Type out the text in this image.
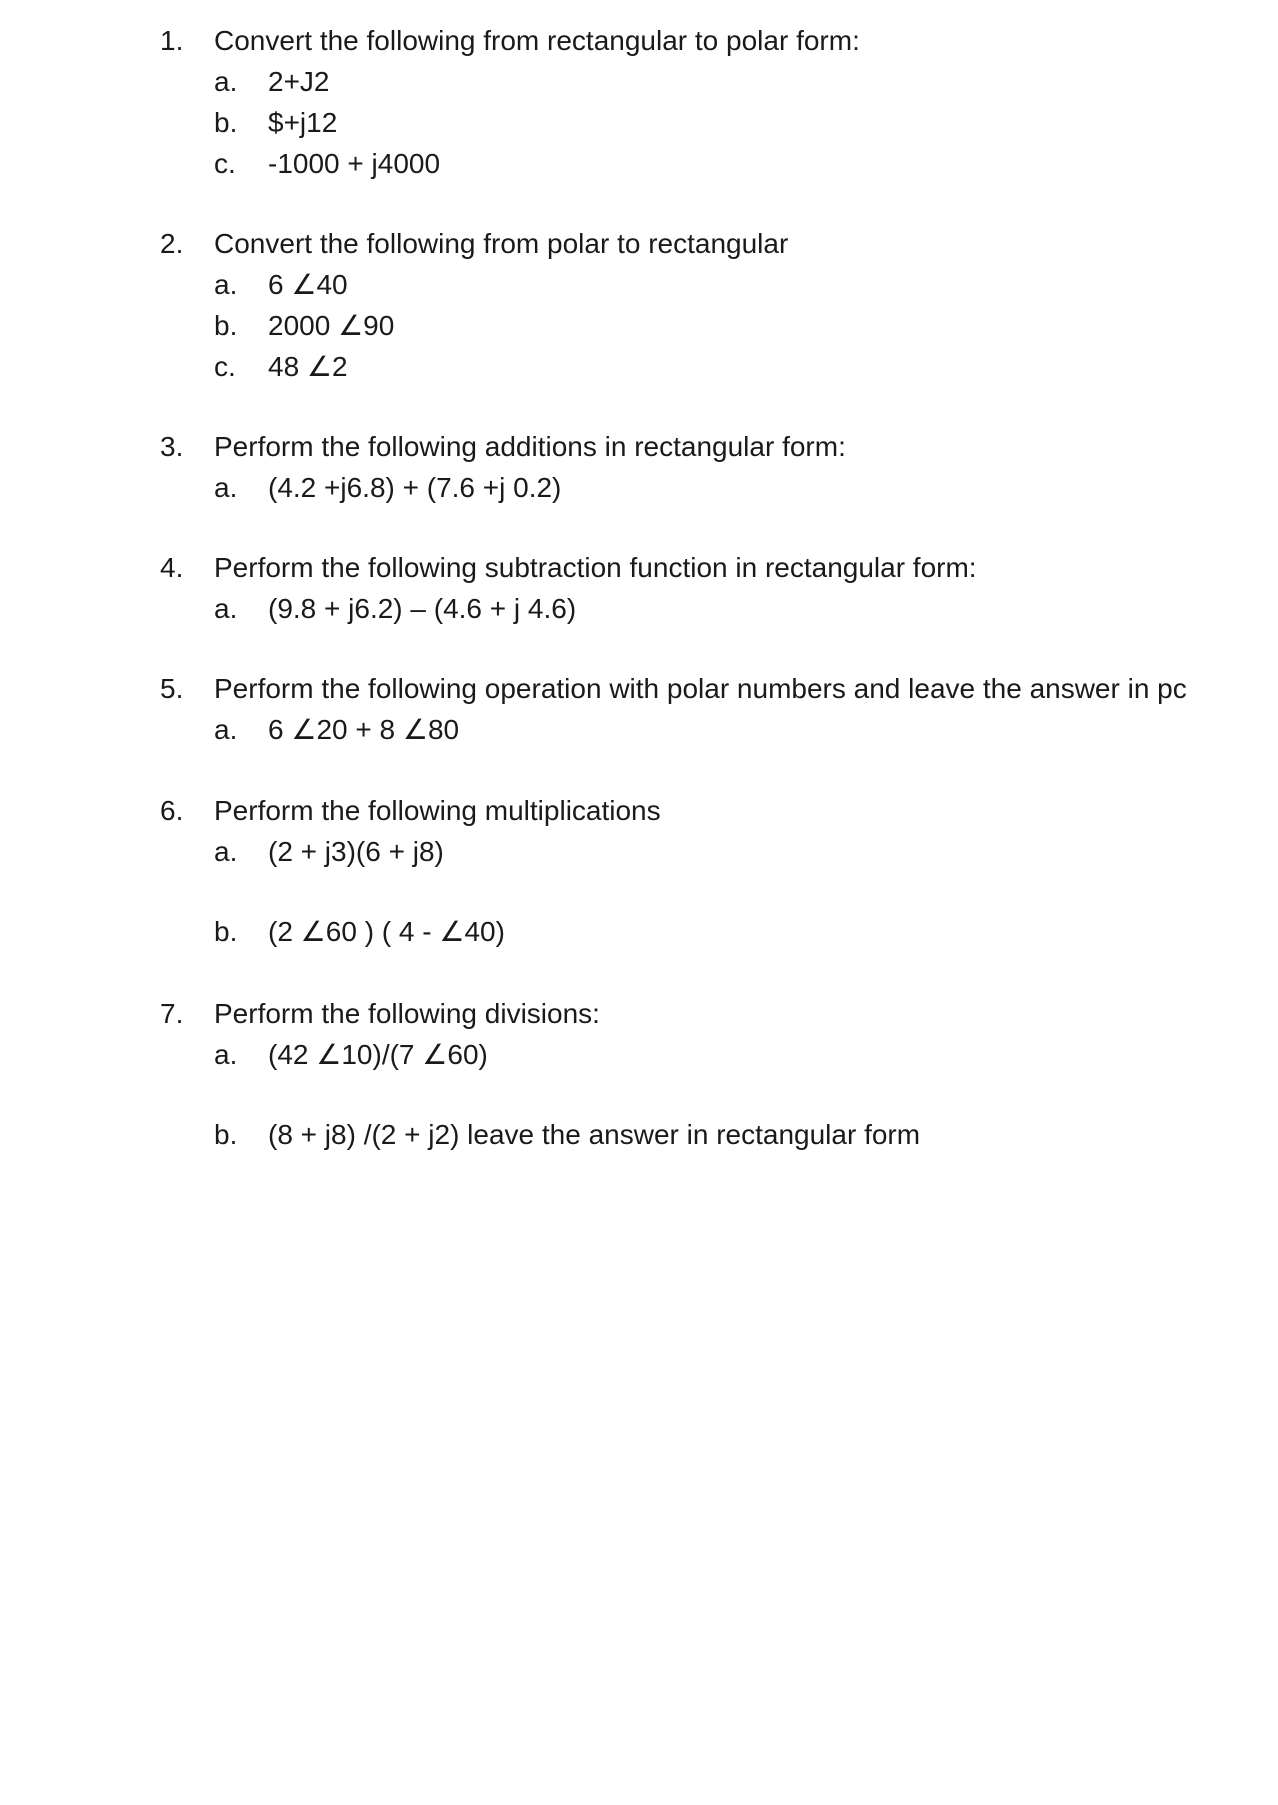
1. Convert the following from rectangular to polar form:
a. 2+J2
b. $+j12
c. -1000 + j4000
2. Convert the following from polar to rectangular
a. 6 ∠40
b. 2000 ∠90
c. 48 ∠2
3. Perform the following additions in rectangular form:
a. (4.2 +j6.8) + (7.6 +j 0.2)
4. Perform the following subtraction function in rectangular form:
a. (9.8 + j6.2) – (4.6 + j 4.6)
5. Perform the following operation with polar numbers and leave the answer in pc
a. 6 ∠20 + 8 ∠80
6. Perform the following multiplications
a. (2 + j3)(6 + j8)
b. (2 ∠60 ) ( 4 - ∠40)
7. Perform the following divisions:
a. (42 ∠10)/(7 ∠60)
b. (8 + j8) /(2 + j2) leave the answer in rectangular form
